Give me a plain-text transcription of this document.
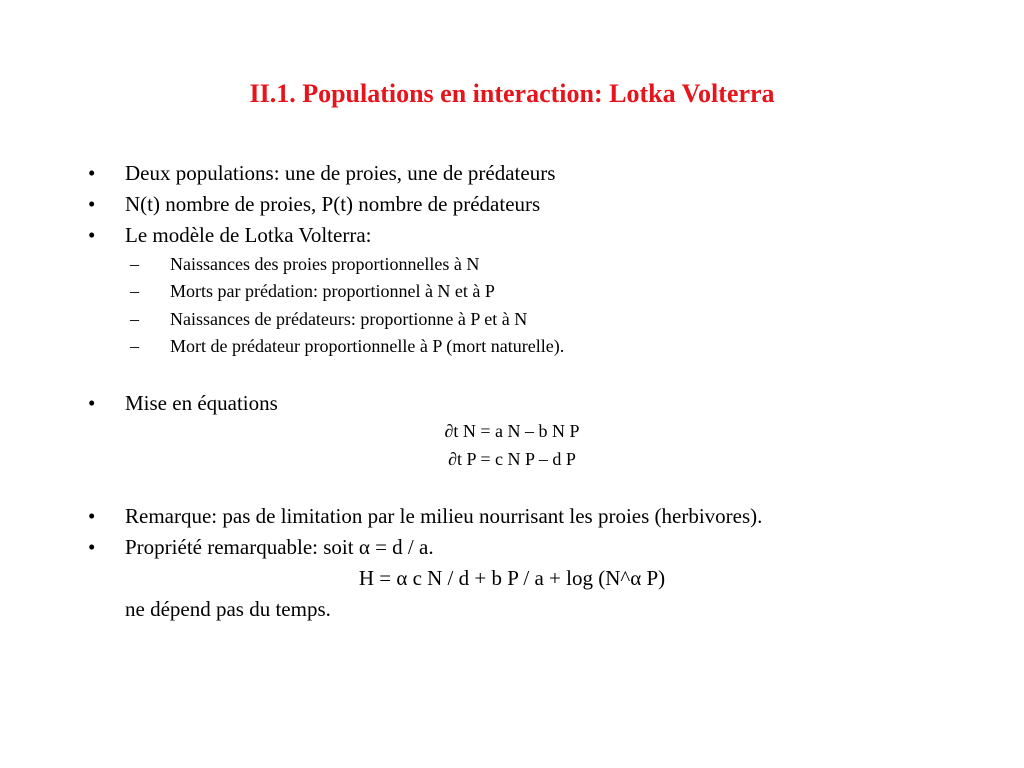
II.1. Populations en interaction: Lotka Volterra
• Deux populations: une de proies, une de prédateurs
• N(t) nombre de proies, P(t) nombre de prédateurs
• Le modèle de Lotka Volterra:
– Naissances des proies proportionnelles à N
– Morts par prédation: proportionnel à N et à P
– Naissances de prédateurs: proportionne à P et à N
– Mort de prédateur proportionnelle à P (mort naturelle).
• Mise en équations
∂t N = a N – b N P
∂t P = c N P – d P
• Remarque: pas de limitation par le milieu nourrisant les proies (herbivores).
• Propriété remarquable: soit α = d / a.
H = α c N / d + b P / a + log (N^α P)
ne dépend pas du temps.
